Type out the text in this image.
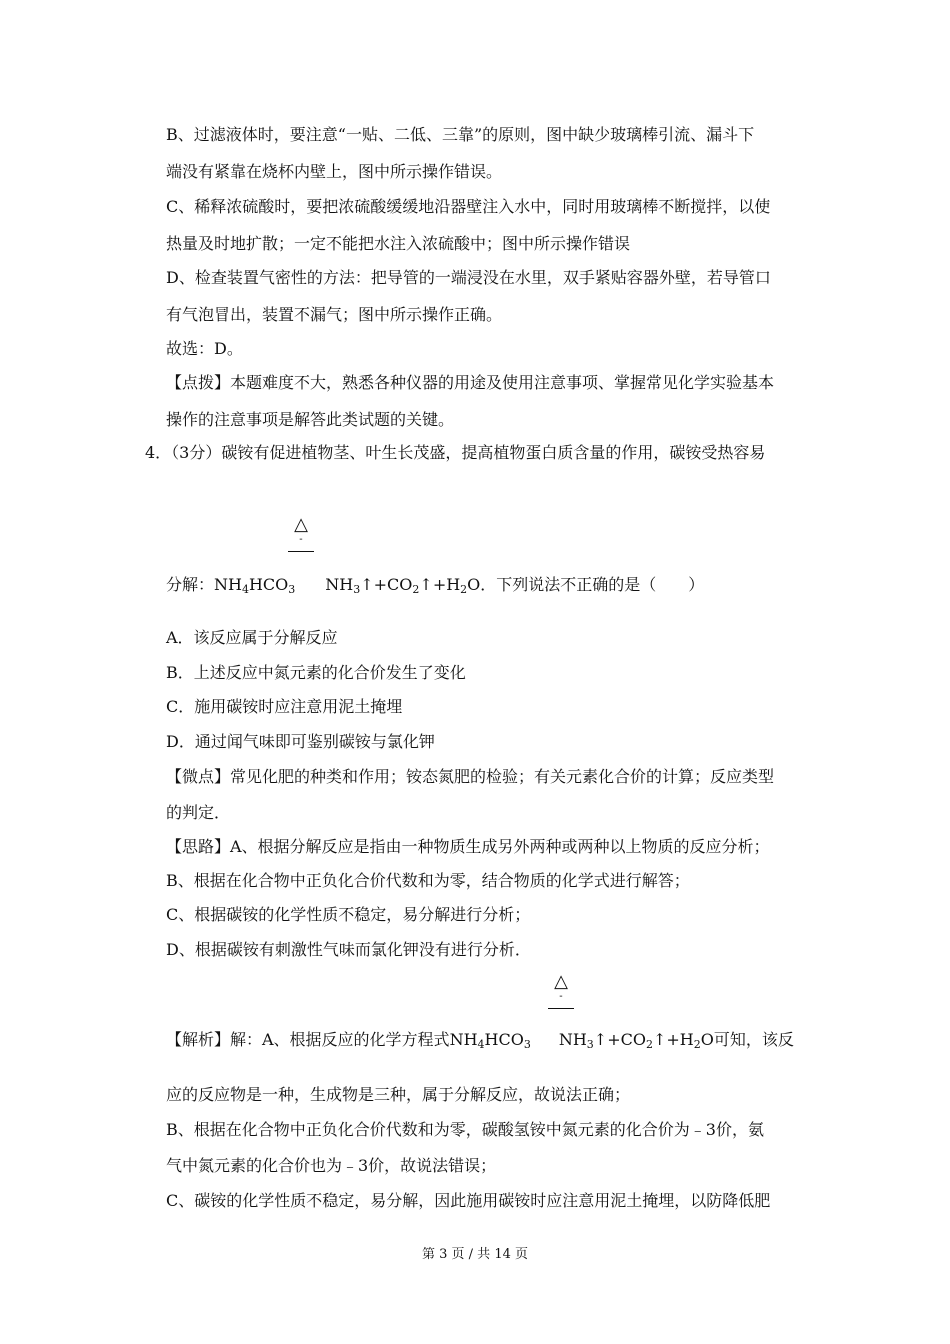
B、过滤液体时，要注意“一贴、二低、三靠”的原则，图中缺少玻璃棒引流、漏斗下
端没有紧靠在烧杯内壁上，图中所示操作错误。
C、稀释浓硫酸时，要把浓硫酸缓缓地沿器壁注入水中，同时用玻璃棒不断搅拌，以使
热量及时地扩散；一定不能把水注入浓硫酸中；图中所示操作错误
D、检查装置气密性的方法：把导管的一端浸没在水里，双手紧贴容器外壁，若导管口
有气泡冒出，装置不漏气；图中所示操作正确。
故选：D。
【点拨】本题难度不大，熟悉各种仪器的用途及使用注意事项、掌握常见化学实验基本
操作的注意事项是解答此类试题的关键。
4．（3分）碳铵有促进植物茎、叶生长茂盛，提高植物蛋白质含量的作用，碳铵受热容易
△
-
分解：$NH_4HCO_3$ $NH_3↑+CO_2↑+H_2O$．下列说法不正确的是（　　）
A．该反应属于分解反应
B．上述反应中氮元素的化合价发生了变化
C．施用碳铵时应注意用泥土掩埋
D．通过闻气味即可鉴别碳铵与氯化钾
【微点】常见化肥的种类和作用；铵态氮肥的检验；有关元素化合价的计算；反应类型
的判定．
【思路】A、根据分解反应是指由一种物质生成另外两种或两种以上物质的反应分析；
B、根据在化合物中正负化合价代数和为零，结合物质的化学式进行解答；
C、根据碳铵的化学性质不稳定，易分解进行分析；
D、根据碳铵有刺激性气味而氯化钾没有进行分析．
△
-
【解析】解：A、根据反应的化学方程式$NH_4HCO_3$ $NH_3↑+CO_2↑+H_2O$可知，该反
应的反应物是一种，生成物是三种，属于分解反应，故说法正确；
B、根据在化合物中正负化合价代数和为零，碳酸氢铵中氮元素的化合价为﹣3价，氨
气中氮元素的化合价也为﹣3价，故说法错误；
C、碳铵的化学性质不稳定，易分解，因此施用碳铵时应注意用泥土掩埋，以防降低肥
第 3 页 / 共 14 页
